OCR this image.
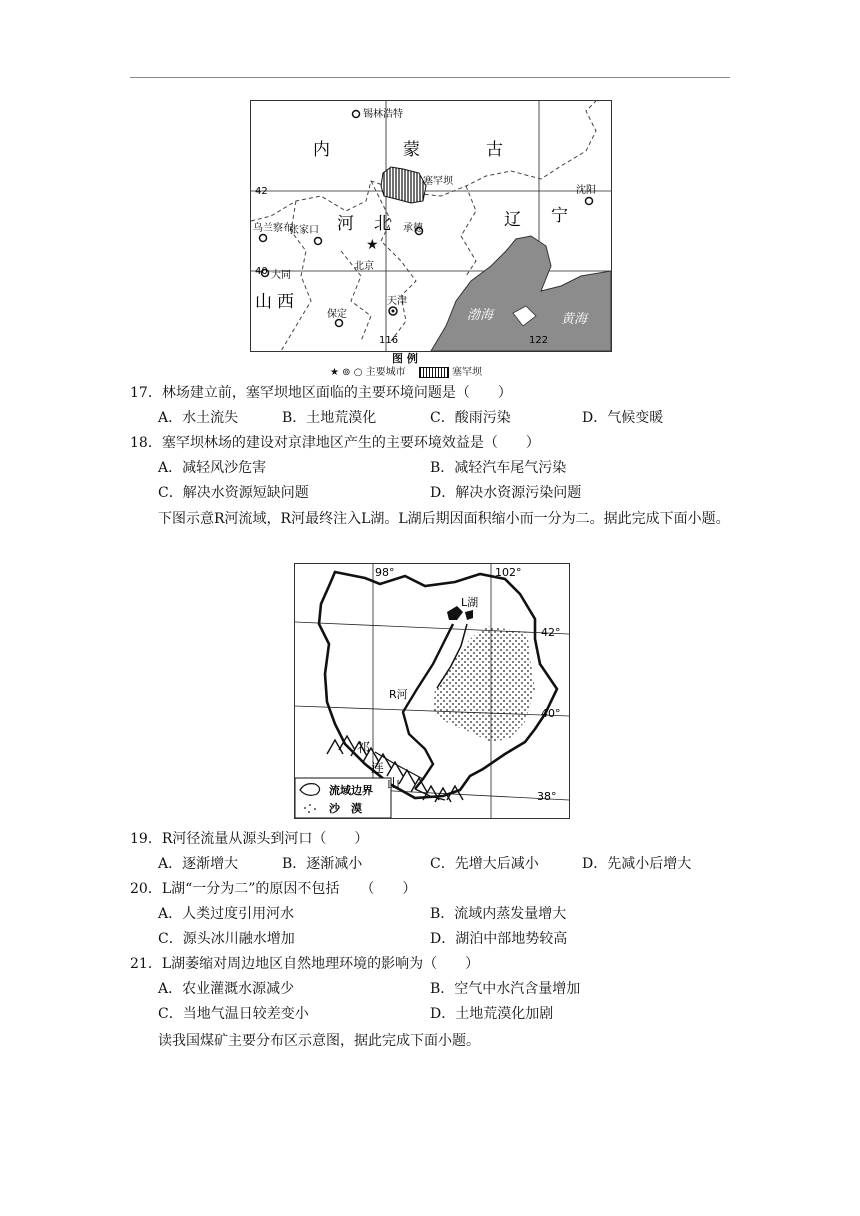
★
锡林浩特
内	蒙	古
塞罕坝
沈阳
42
40
乌兰察布	河 北	辽 宁
张家口	承德
北京
大同
山 西	天津
保定	渤海	黄海
116	122
图 例
★ ⊚ ○ 主要城市	塞罕坝
17．林场建立前，塞罕坝地区面临的主要环境问题是（　　）
A．水土流失	B．土地荒漠化	C．酸雨污染	D．气候变暖
18．塞罕坝林场的建设对京津地区产生的主要环境效益是（　　）
A．减轻风沙危害	B．减轻汽车尾气污染
C．解决水资源短缺问题	D．解决水资源污染问题
下图示意R河流域，R河最终注入L湖。L湖后期因面积缩小而一分为二。据此完成下面小题。
流域边界
沙　漠
98°	102°
L湖
42°
R河
40°
祁
连
山
38°
19．R河径流量从源头到河口（　　）
A．逐渐增大	B．逐渐减小	C．先增大后减小	D．先减小后增大
20．L湖“一分为二”的原因不包括　　（　　）
A．人类过度引用河水	B．流域内蒸发量增大
C．源头冰川融水增加	D．湖泊中部地势较高
21．L湖萎缩对周边地区自然地理环境的影响为（　　）
A．农业灌溉水源减少	B．空气中水汽含量增加
C．当地气温日较差变小	D．土地荒漠化加剧
读我国煤矿主要分布区示意图，据此完成下面小题。
